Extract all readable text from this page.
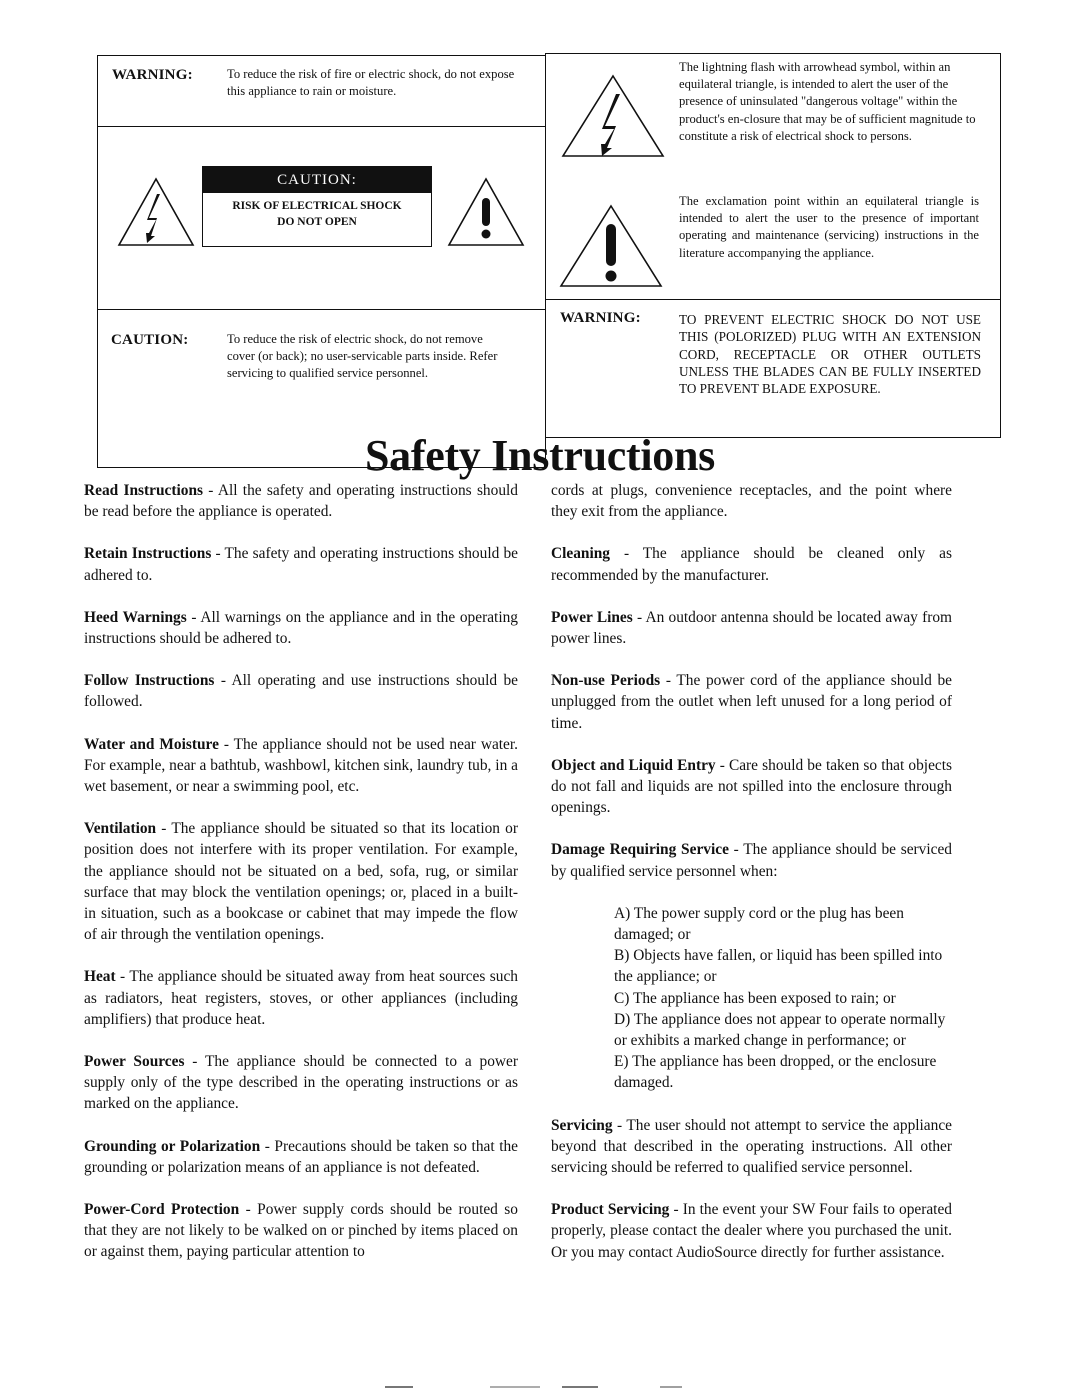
WARNING:	To reduce the risk of fire or electric shock, do not expose this appliance to rain or moisture.
CAUTION:
RISK OF ELECTRICAL SHOCK
DO NOT OPEN
CAUTION:	To reduce the risk of electric shock, do not remove cover (or back); no user-servicable parts inside. Refer servicing to qualified service personnel.
The lightning flash with arrowhead symbol, within an equilateral triangle, is intended to alert the user of the presence of uninsulated "dangerous voltage" within the product's en-closure that may be of sufficient magnitude to constitute a risk of electrical shock to persons.
The exclamation point within an equilateral triangle is intended to alert the user to the presence of important operating and maintenance (servicing) instructions in the literature accompanying the appliance.
WARNING:	TO PREVENT ELECTRIC SHOCK DO NOT USE THIS (POLORIZED) PLUG WITH AN EXTENSION CORD, RECEPTACLE OR OTHER OUTLETS UNLESS THE BLADES CAN BE FULLY INSERTED TO PREVENT BLADE EXPOSURE.
Safety Instructions

Read Instructions - All the safety and operating instructions should be read before the appliance is operated.

Retain Instructions - The safety and operating instructions should be adhered to.

Heed Warnings - All warnings on the appliance and in the operating instructions should be adhered to.

Follow Instructions - All operating and use instructions should be followed.

Water and Moisture - The appliance should not be used near water. For example, near a bathtub, washbowl, kitchen sink, laundry tub, in a wet basement, or near a swimming pool, etc.

Ventilation - The appliance should be situated so that its location or position does not interfere with its proper ventilation. For example, the appliance should not be situated on a bed, sofa, rug, or similar surface that may block the ventilation openings; or, placed in a built-in situation, such as a bookcase or cabinet that may impede the flow of air through the ventilation openings.

Heat - The appliance should be situated away from heat sources such as radiators, heat registers, stoves, or other appliances (including amplifiers) that produce heat.

Power Sources - The appliance should be connected to a power supply only of the type described in the operating instructions or as marked on the appliance.

Grounding or Polarization - Precautions should be taken so that the grounding or polarization means of an appliance is not defeated.

Power-Cord Protection - Power supply cords should be routed so that they are not likely to be walked on or pinched by items placed on or against them, paying particular attention to

cords at plugs, convenience receptacles, and the point where they exit from the appliance.

Cleaning - The appliance should be cleaned only as recommended by the manufacturer.

Power Lines - An outdoor antenna should be located away from power lines.

Non-use Periods - The power cord of the appliance should be unplugged from the outlet when left unused for a long period of time.

Object and Liquid Entry - Care should be taken so that objects do not fall and liquids are not spilled into the enclosure through openings.

Damage Requiring Service - The appliance should be serviced by qualified service personnel when:

A) The power supply cord or the plug has been damaged; or
B) Objects have fallen, or liquid has been spilled into the appliance; or
C) The appliance has been exposed to rain; or
D) The appliance does not appear to operate normally or exhibits a marked change in performance; or
E) The appliance has been dropped, or the enclosure damaged.

Servicing - The user should not attempt to service the appliance beyond that described in the operating instructions. All other servicing should be referred to qualified service personnel.

Product Servicing - In the event your SW Four fails to operated properly, please contact the dealer where you purchased the unit. Or you may contact AudioSource directly for further assistance.
